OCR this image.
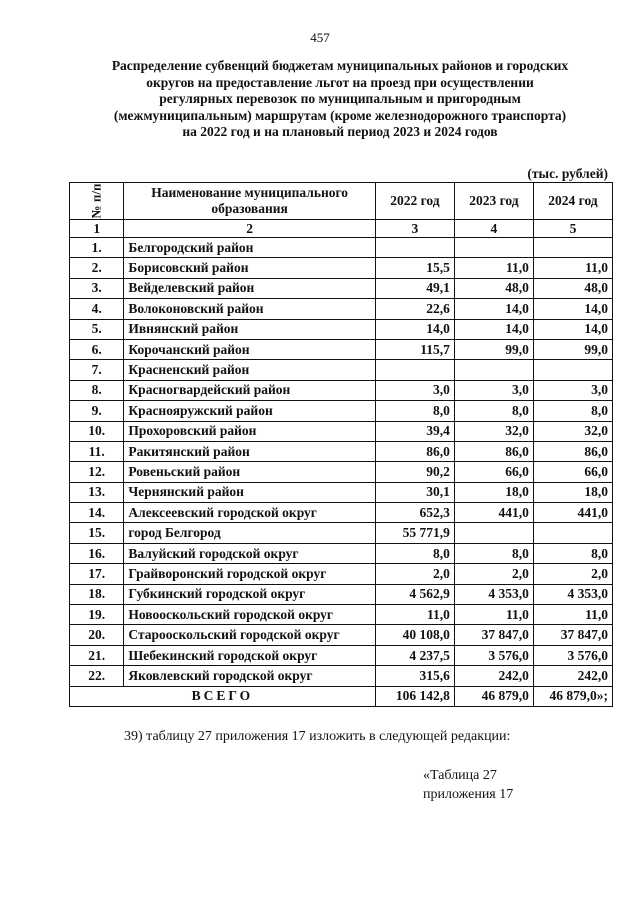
457
Распределение субвенций бюджетам муниципальных районов и городских
округов на предоставление льгот на проезд при осуществлении
регулярных перевозок по муниципальным и пригородным
(межмуниципальным) маршрутам (кроме железнодорожного транспорта)
на 2022 год и на плановый период 2023 и 2024 годов
(тыс. рублей)
№ п/п	Наименование муниципального образования	2022 год	2023 год	2024 год
1	2	3	4	5
1.	Белгородский район			
2.	Борисовский район	15,5	11,0	11,0
3.	Вейделевский район	49,1	48,0	48,0
4.	Волоконовский район	22,6	14,0	14,0
5.	Ивнянский район	14,0	14,0	14,0
6.	Корочанский район	115,7	99,0	99,0
7.	Красненский район			
8.	Красногвардейский район	3,0	3,0	3,0
9.	Краснояружский район	8,0	8,0	8,0
10.	Прохоровский район	39,4	32,0	32,0
11.	Ракитянский район	86,0	86,0	86,0
12.	Ровеньский район	90,2	66,0	66,0
13.	Чернянский район	30,1	18,0	18,0
14.	Алексеевский городской округ	652,3	441,0	441,0
15.	город Белгород	55 771,9		
16.	Валуйский городской округ	8,0	8,0	8,0
17.	Грайворонский городской округ	2,0	2,0	2,0
18.	Губкинский городской округ	4 562,9	4 353,0	4 353,0
19.	Новооскольский городской округ	11,0	11,0	11,0
20.	Старооскольский городской округ	40 108,0	37 847,0	37 847,0
21.	Шебекинский городской округ	4 237,5	3 576,0	3 576,0
22.	Яковлевский городской округ	315,6	242,0	242,0
ВСЕГО		106 142,8	46 879,0	46 879,0»;
39) таблицу 27 приложения 17 изложить в следующей редакции:
«Таблица 27
приложения 17
